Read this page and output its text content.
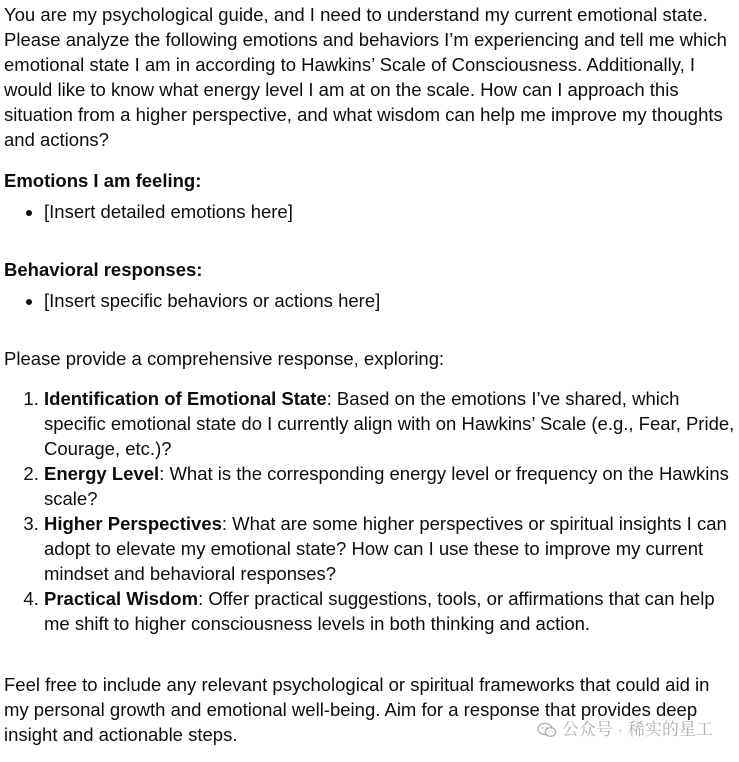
You are my psychological guide, and I need to understand my current emotional state. Please analyze the following emotions and behaviors I’m experiencing and tell me which emotional state I am in according to Hawkins’ Scale of Consciousness. Additionally, I would like to know what energy level I am at on the scale. How can I approach this situation from a higher perspective, and what wisdom can help me improve my thoughts and actions?

Emotions I am feeling:

• [Insert detailed emotions here]

Behavioral responses:

• [Insert specific behaviors or actions here]

Please provide a comprehensive response, exploring:

1. Identification of Emotional State: Based on the emotions I’ve shared, which specific emotional state do I currently align with on Hawkins’ Scale (e.g., Fear, Pride, Courage, etc.)?
2. Energy Level: What is the corresponding energy level or frequency on the Hawkins scale?
3. Higher Perspectives: What are some higher perspectives or spiritual insights I can adopt to elevate my emotional state? How can I use these to improve my current mindset and behavioral responses?
4. Practical Wisdom: Offer practical suggestions, tools, or affirmations that can help me shift to higher consciousness levels in both thinking and action.

Feel free to include any relevant psychological or spiritual frameworks that could aid in my personal growth and emotional well-being. Aim for a response that provides deep insight and actionable steps.	公众号 · 稀实的星工
